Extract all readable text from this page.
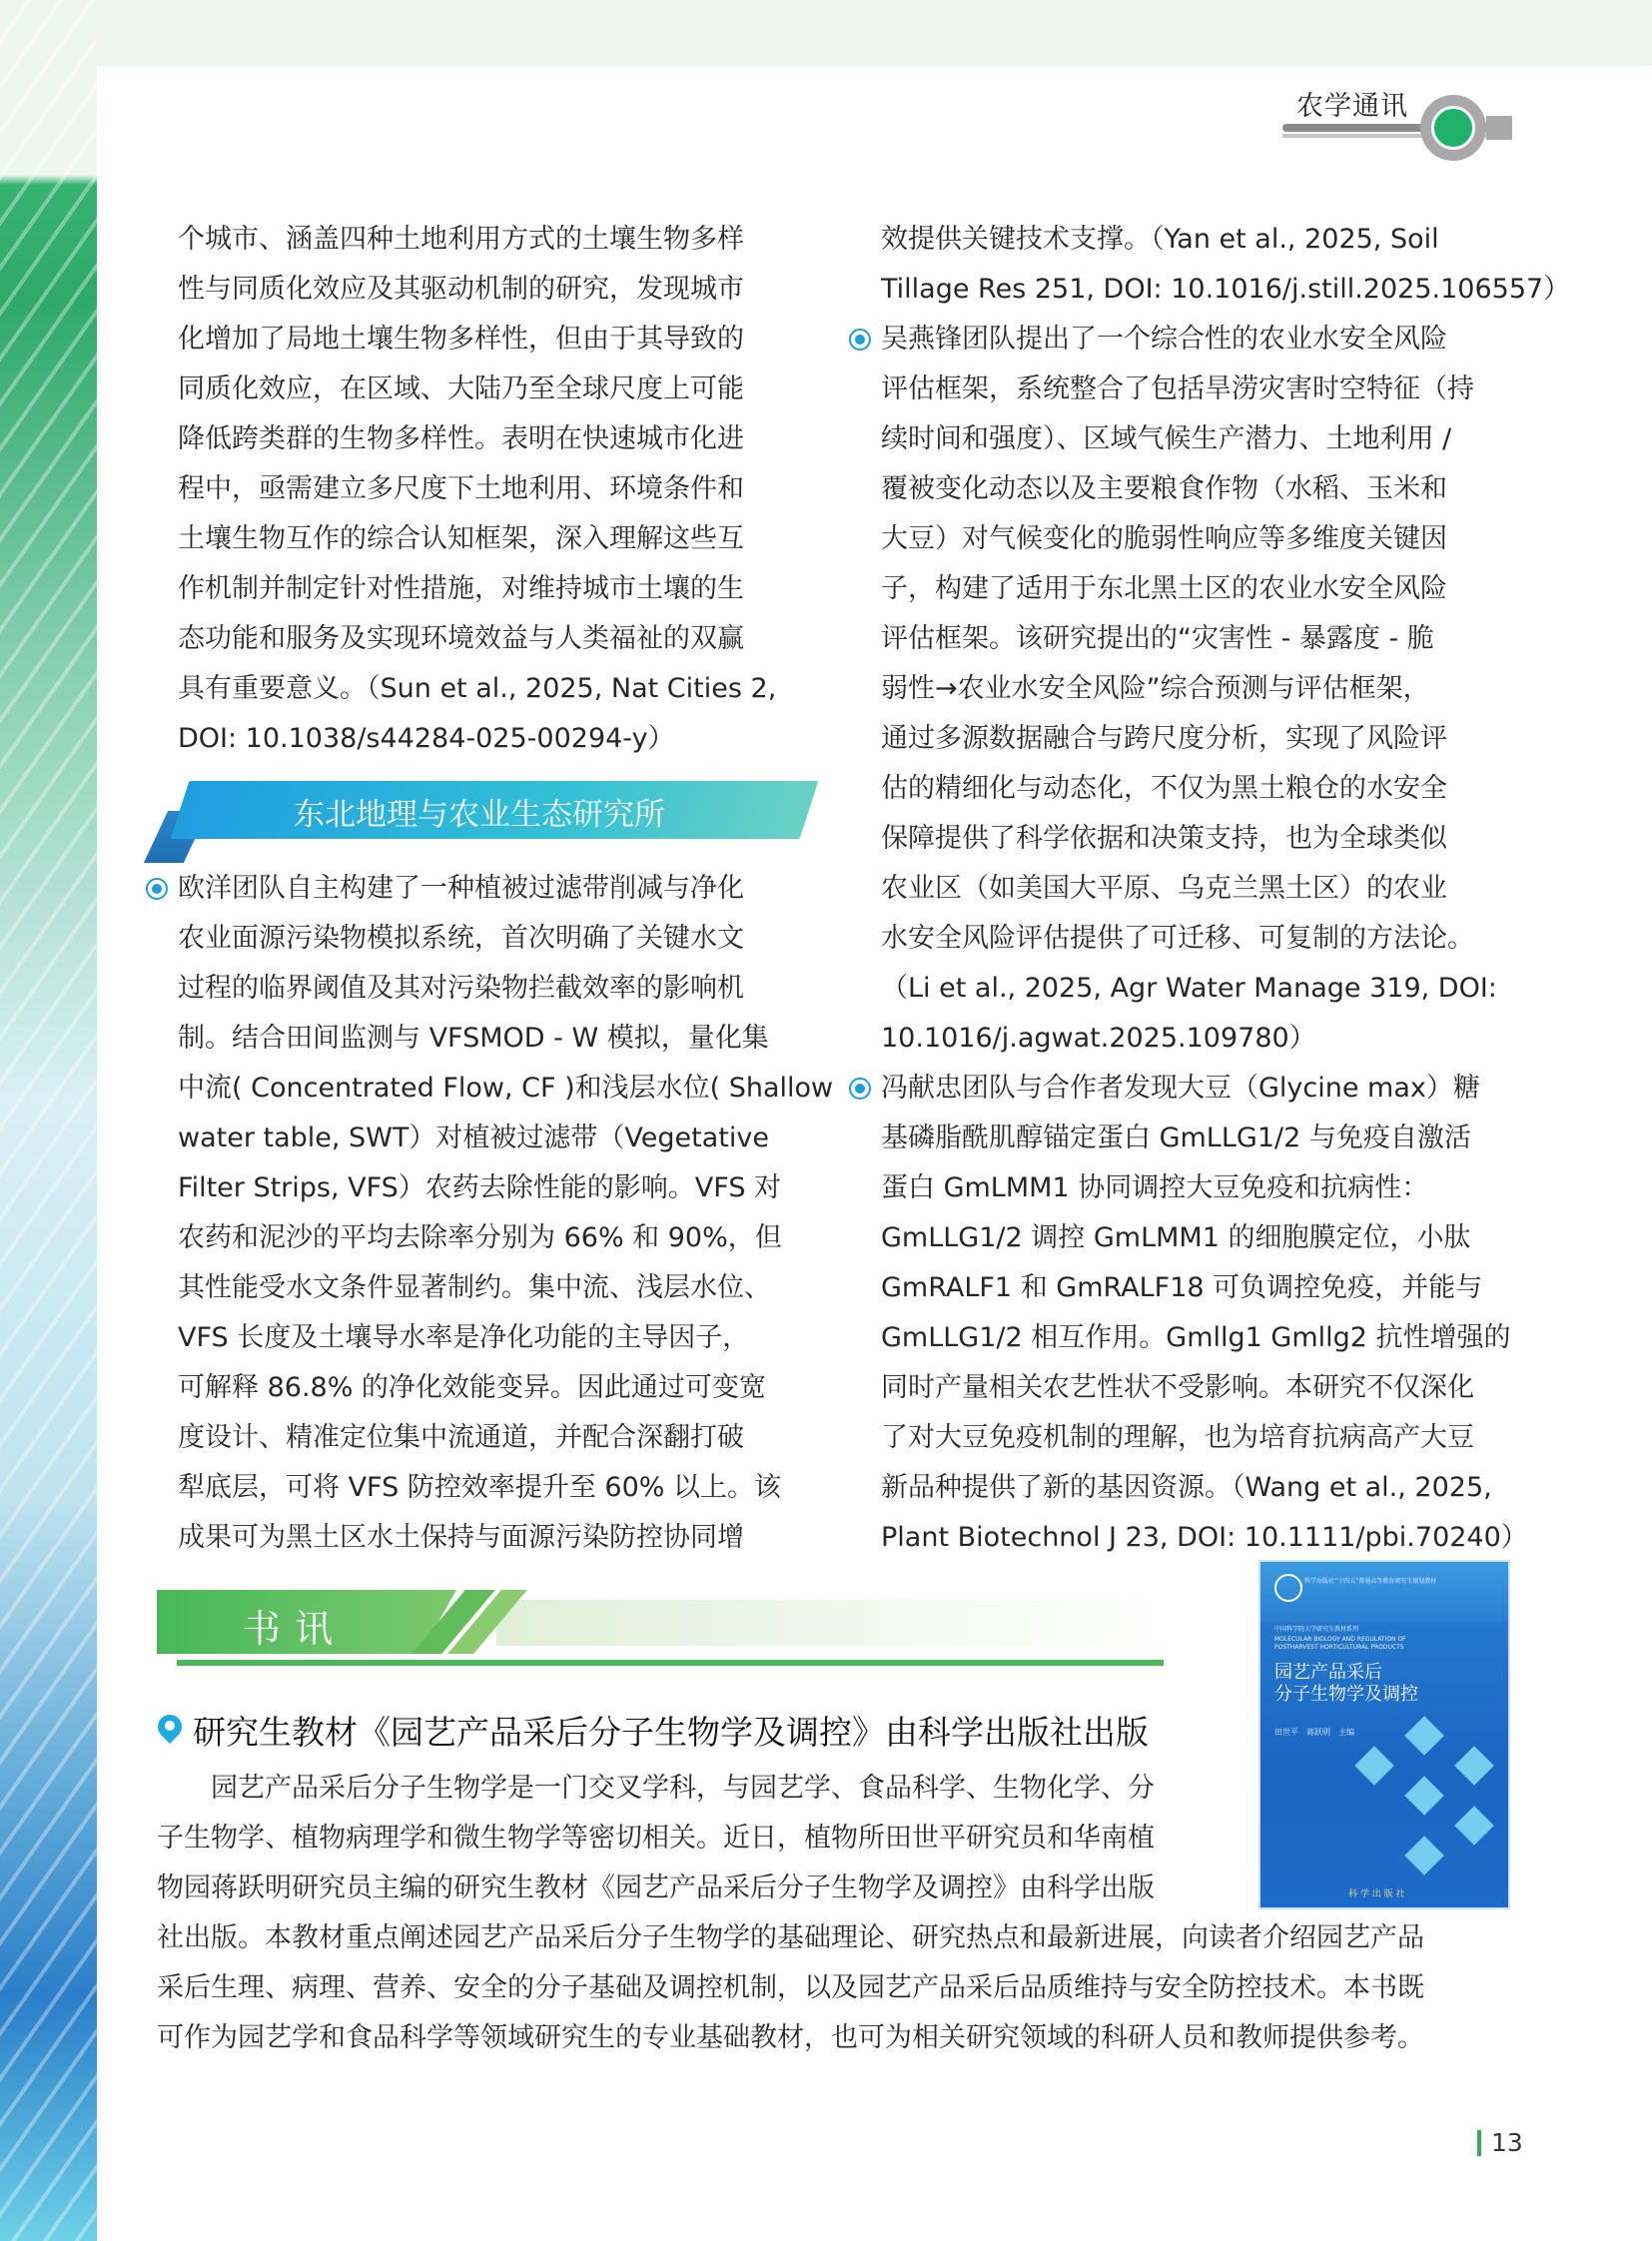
农学通讯
个城市、涵盖四种土地利用方式的土壤生物多样
性与同质化效应及其驱动机制的研究，发现城市
化增加了局地土壤生物多样性，但由于其导致的
同质化效应，在区域、大陆乃至全球尺度上可能
降低跨类群的生物多样性。表明在快速城市化进
程中，亟需建立多尺度下土地利用、环境条件和
土壤生物互作的综合认知框架，深入理解这些互
作机制并制定针对性措施，对维持城市土壤的生
态功能和服务及实现环境效益与人类福祉的双赢
具有重要意义。（Sun et al., 2025, Nat Cities 2,
DOI: 10.1038/s44284-025-00294-y）
东北地理与农业生态研究所
欧洋团队自主构建了一种植被过滤带削减与净化
农业面源污染物模拟系统，首次明确了关键水文
过程的临界阈值及其对污染物拦截效率的影响机
制。结合田间监测与 VFSMOD - W 模拟，量化集
中流( Concentrated Flow, CF )和浅层水位( Shallow
water table, SWT）对植被过滤带（Vegetative
Filter Strips, VFS）农药去除性能的影响。VFS 对
农药和泥沙的平均去除率分别为 66% 和 90%，但
其性能受水文条件显著制约。集中流、浅层水位、
VFS 长度及土壤导水率是净化功能的主导因子，
可解释 86.8% 的净化效能变异。因此通过可变宽
度设计、精准定位集中流通道，并配合深翻打破
犁底层，可将 VFS 防控效率提升至 60% 以上。该
成果可为黑土区水土保持与面源污染防控协同增
效提供关键技术支撑。（Yan et al., 2025, Soil
Tillage Res 251, DOI: 10.1016/j.still.2025.106557）
吴燕锋团队提出了一个综合性的农业水安全风险
评估框架，系统整合了包括旱涝灾害时空特征（持
续时间和强度）、区域气候生产潜力、土地利用 /
覆被变化动态以及主要粮食作物（水稻、玉米和
大豆）对气候变化的脆弱性响应等多维度关键因
子，构建了适用于东北黑土区的农业水安全风险
评估框架。该研究提出的“灾害性 - 暴露度 - 脆
弱性→农业水安全风险”综合预测与评估框架，
通过多源数据融合与跨尺度分析，实现了风险评
估的精细化与动态化，不仅为黑土粮仓的水安全
保障提供了科学依据和决策支持，也为全球类似
农业区（如美国大平原、乌克兰黑土区）的农业
水安全风险评估提供了可迁移、可复制的方法论。
（Li et al., 2025, Agr Water Manage 319, DOI:
10.1016/j.agwat.2025.109780）
冯献忠团队与合作者发现大豆（Glycine max）糖
基磷脂酰肌醇锚定蛋白 GmLLG1/2 与免疫自激活
蛋白 GmLMM1 协同调控大豆免疫和抗病性：
GmLLG1/2 调控 GmLMM1 的细胞膜定位，小肽
GmRALF1 和 GmRALF18 可负调控免疫，并能与
GmLLG1/2 相互作用。Gmllg1 Gmllg2 抗性增强的
同时产量相关农艺性状不受影响。本研究不仅深化
了对大豆免疫机制的理解，也为培育抗病高产大豆
新品种提供了新的基因资源。（Wang et al., 2025,
Plant Biotechnol J 23, DOI: 10.1111/pbi.70240）
书讯
研究生教材《园艺产品采后分子生物学及调控》由科学出版社出版
　　园艺产品采后分子生物学是一门交叉学科，与园艺学、食品科学、生物化学、分
子生物学、植物病理学和微生物学等密切相关。近日，植物所田世平研究员和华南植
物园蒋跃明研究员主编的研究生教材《园艺产品采后分子生物学及调控》由科学出版
社出版。本教材重点阐述园艺产品采后分子生物学的基础理论、研究热点和最新进展，向读者介绍园艺产品
采后生理、病理、营养、安全的分子基础及调控机制，以及园艺产品采后品质维持与安全防控技术。本书既
可作为园艺学和食品科学等领域研究生的专业基础教材，也可为相关研究领域的科研人员和教师提供参考。
科学出版社“十四五”普通高等教育研究生规划教材
中国科学院大学研究生教材系列
MOLECULAR BIOLOGY AND REGULATION OF
POSTHARVEST HORTICULTURAL PRODUCTS
园艺产品采后
分子生物学及调控
田世平　蒋跃明　主编
科 学 出 版 社
13
